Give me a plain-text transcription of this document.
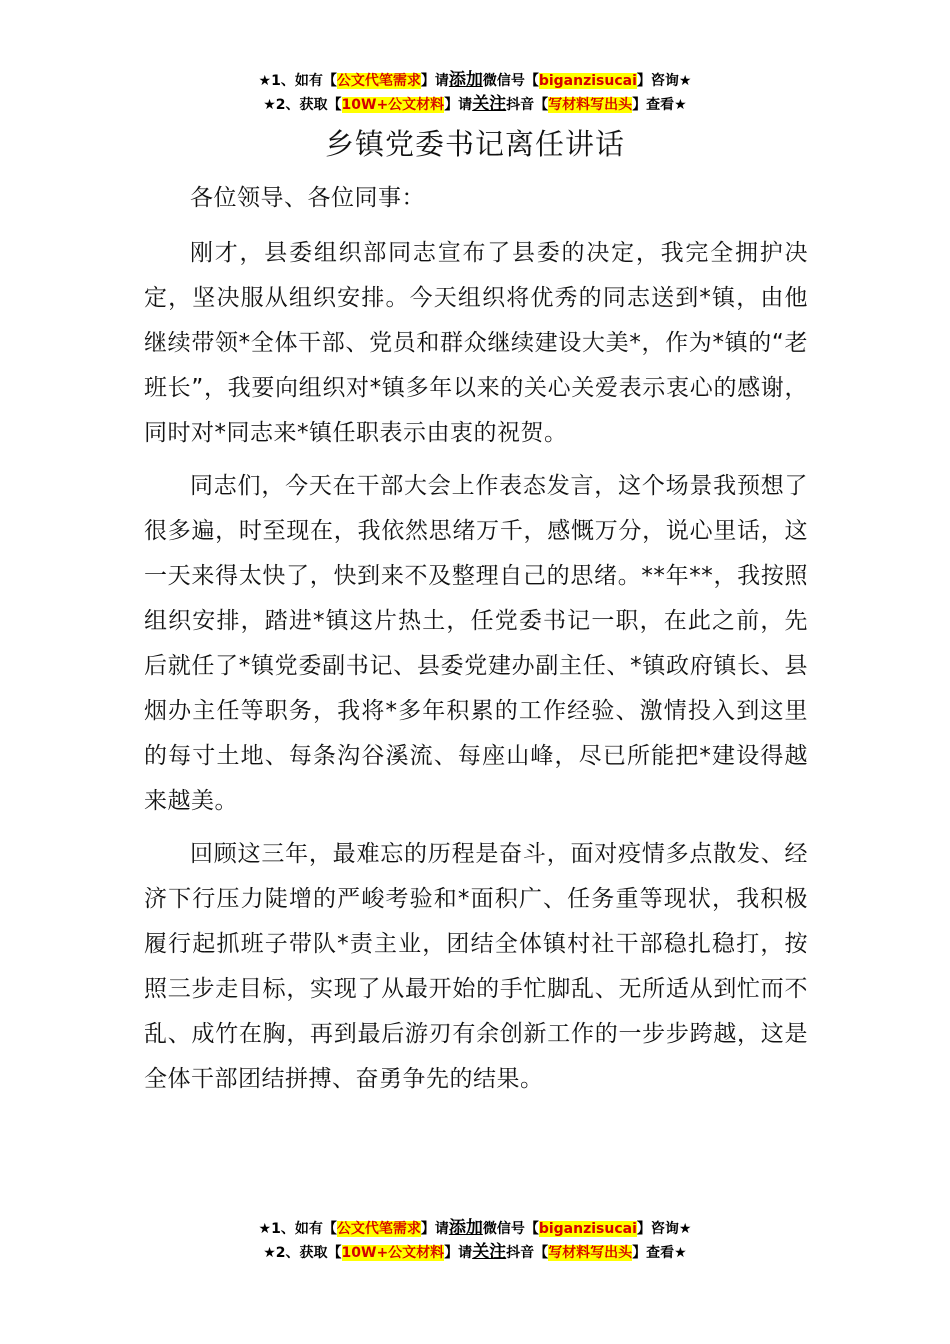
★1、如有【公文代笔需求】请添加微信号【biganzisucai】咨询★
★2、获取【10W+公文材料】请关注抖音【写材料写出头】查看★
乡镇党委书记离任讲话

各位领导、各位同事：

刚才，县委组织部同志宣布了县委的决定，我完全拥护决定，坚决服从组织安排。今天组织将优秀的同志送到*镇，由他继续带领*全体干部、党员和群众继续建设大美*，作为*镇的“老班长”，我要向组织对*镇多年以来的关心关爱表示衷心的感谢，同时对*同志来*镇任职表示由衷的祝贺。

同志们，今天在干部大会上作表态发言，这个场景我预想了很多遍，时至现在，我依然思绪万千，感慨万分，说心里话，这一天来得太快了，快到来不及整理自己的思绪。**年**，我按照组织安排，踏进*镇这片热土，任党委书记一职，在此之前，先后就任了*镇党委副书记、县委党建办副主任、*镇政府镇长、县烟办主任等职务，我将*多年积累的工作经验、激情投入到这里的每寸土地、每条沟谷溪流、每座山峰，尽已所能把*建设得越来越美。

回顾这三年，最难忘的历程是奋斗，面对疫情多点散发、经济下行压力陡增的严峻考验和*面积广、任务重等现状，我积极履行起抓班子带队*责主业，团结全体镇村社干部稳扎稳打，按照三步走目标，实现了从最开始的手忙脚乱、无所适从到忙而不乱、成竹在胸，再到最后游刃有余创新工作的一步步跨越，这是全体干部团结拼搏、奋勇争先的结果。

★1、如有【公文代笔需求】请添加微信号【biganzisucai】咨询★
★2、获取【10W+公文材料】请关注抖音【写材料写出头】查看★
